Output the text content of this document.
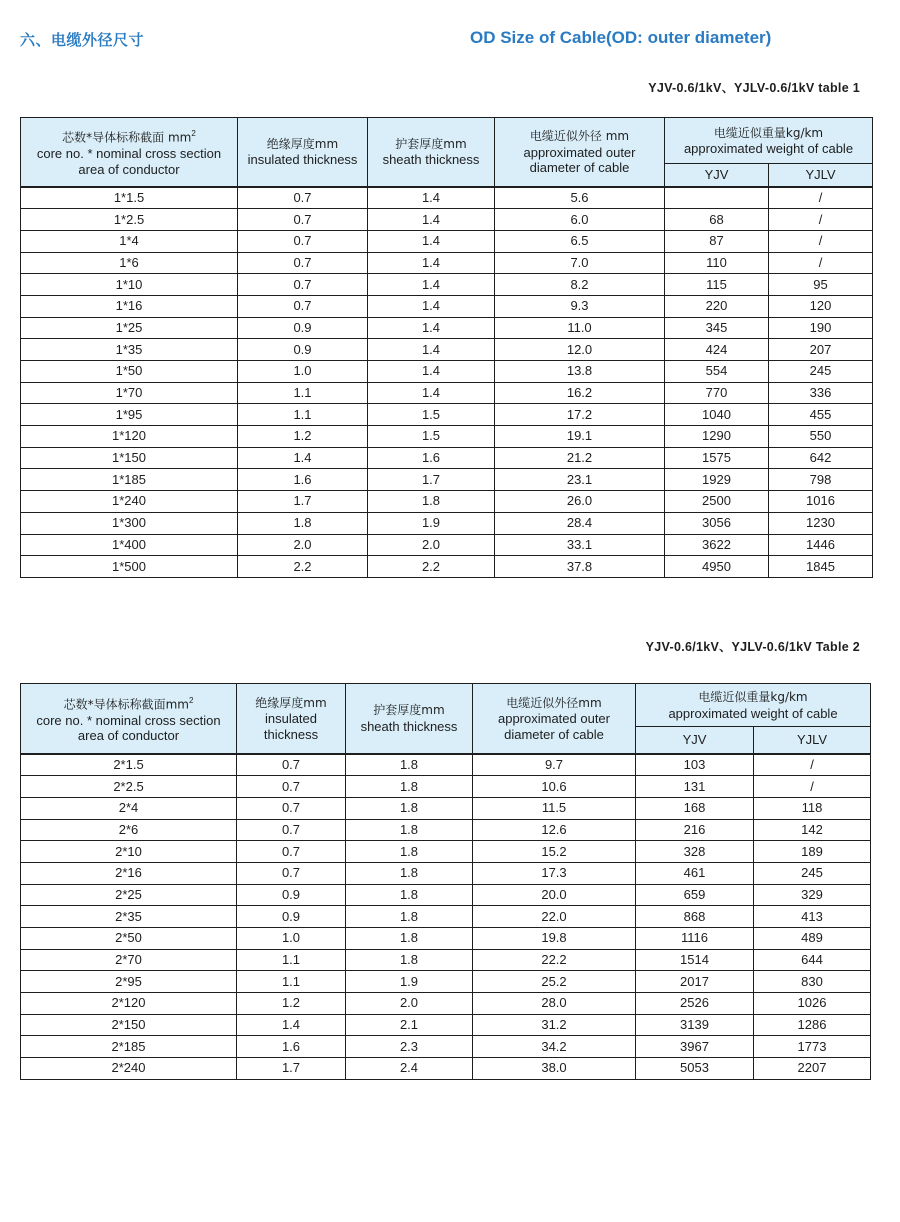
六、电缆外径尺寸	OD Size of Cable(OD: outer diameter)
YJV-0.6/1kV、YJLV-0.6/1kV table 1
芯数*导体标称截面 $mm^2$
core no. * nominal cross section
area of conductor	绝缘厚度mm
insulated thickness	护套厚度mm
sheath thickness	电缆近似外径 mm
approximated outer
diameter of cable	电缆近似重量kg/km
approximated weight of cable	
				YJV	YJLV
1*1.5	0.7	1.4	5.6		/
1*2.5	0.7	1.4	6.0	68	/
1*4	0.7	1.4	6.5	87	/
1*6	0.7	1.4	7.0	110	/
1*10	0.7	1.4	8.2	115	95
1*16	0.7	1.4	9.3	220	120
1*25	0.9	1.4	11.0	345	190
1*35	0.9	1.4	12.0	424	207
1*50	1.0	1.4	13.8	554	245
1*70	1.1	1.4	16.2	770	336
1*95	1.1	1.5	17.2	1040	455
1*120	1.2	1.5	19.1	1290	550
1*150	1.4	1.6	21.2	1575	642
1*185	1.6	1.7	23.1	1929	798
1*240	1.7	1.8	26.0	2500	1016
1*300	1.8	1.9	28.4	3056	1230
1*400	2.0	2.0	33.1	3622	1446
1*500	2.2	2.2	37.8	4950	1845
YJV-0.6/1kV、YJLV-0.6/1kV Table 2
芯数*导体标称截面$mm^2$
core no. * nominal cross section
area of conductor	绝缘厚度mm
insulated
thickness	护套厚度mm
sheath thickness	电缆近似外径mm
approximated outer
diameter of cable	电缆近似重量kg/km
approximated weight of cable	
				YJV	YJLV
2*1.5	0.7	1.8	9.7	103	/
2*2.5	0.7	1.8	10.6	131	/
2*4	0.7	1.8	11.5	168	118
2*6	0.7	1.8	12.6	216	142
2*10	0.7	1.8	15.2	328	189
2*16	0.7	1.8	17.3	461	245
2*25	0.9	1.8	20.0	659	329
2*35	0.9	1.8	22.0	868	413
2*50	1.0	1.8	19.8	1116	489
2*70	1.1	1.8	22.2	1514	644
2*95	1.1	1.9	25.2	2017	830
2*120	1.2	2.0	28.0	2526	1026
2*150	1.4	2.1	31.2	3139	1286
2*185	1.6	2.3	34.2	3967	1773
2*240	1.7	2.4	38.0	5053	2207
